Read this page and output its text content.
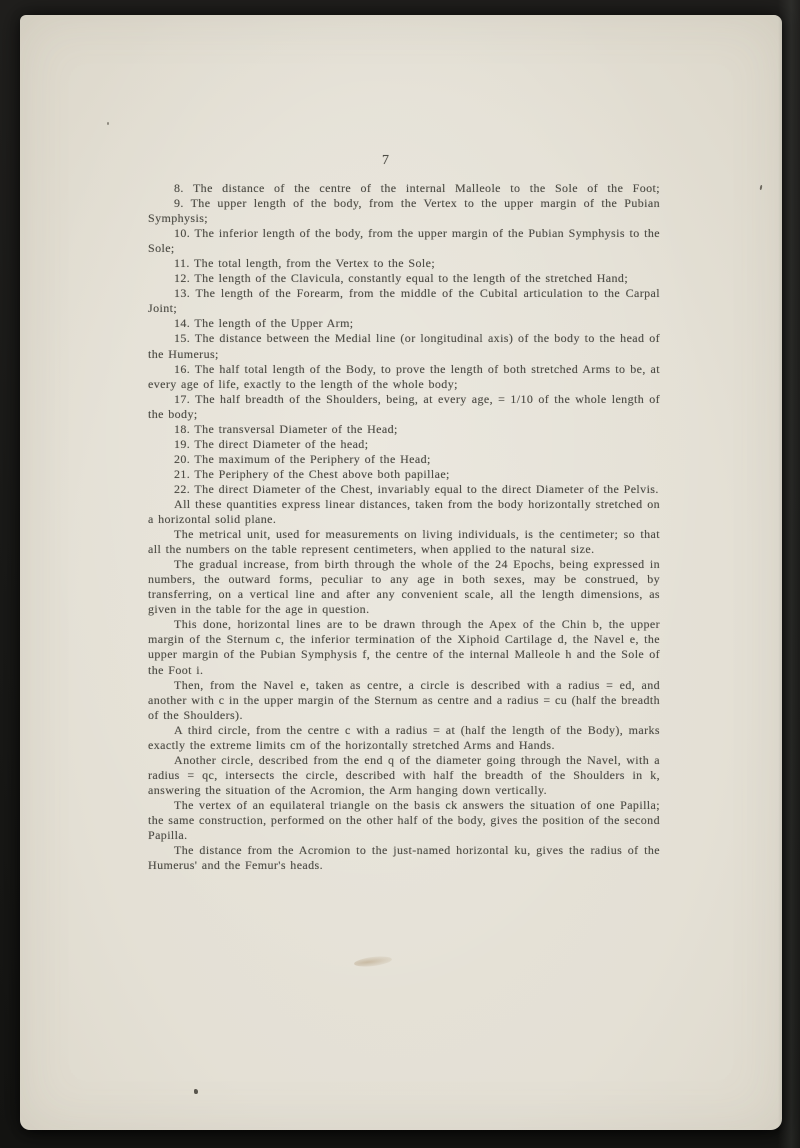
7

8. The distance of the centre of the internal Malleole to the Sole of the Foot;

9. The upper length of the body, from the Vertex to the upper margin of the Pubian Symphysis;

10. The inferior length of the body, from the upper margin of the Pubian Symphysis to the Sole;

11. The total length, from the Vertex to the Sole;

12. The length of the Clavicula, constantly equal to the length of the stretched Hand;

13. The length of the Forearm, from the middle of the Cubital articulation to the Carpal Joint;

14. The length of the Upper Arm;

15. The distance between the Medial line (or longitudinal axis) of the body to the head of the Humerus;

16. The half total length of the Body, to prove the length of both stretched Arms to be, at every age of life, exactly to the length of the whole body;

17. The half breadth of the Shoulders, being, at every age, = 1/10 of the whole length of the body;

18. The transversal Diameter of the Head;

19. The direct Diameter of the head;

20. The maximum of the Periphery of the Head;

21. The Periphery of the Chest above both papillae;

22. The direct Diameter of the Chest, invariably equal to the direct Diameter of the Pelvis.

All these quantities express linear distances, taken from the body horizontally stretched on a horizontal solid plane.

The metrical unit, used for measurements on living individuals, is the centimeter; so that all the numbers on the table represent centimeters, when applied to the natural size.

The gradual increase, from birth through the whole of the 24 Epochs, being expressed in numbers, the outward forms, peculiar to any age in both sexes, may be construed, by transferring, on a vertical line and after any convenient scale, all the length dimensions, as given in the table for the age in question.

This done, horizontal lines are to be drawn through the Apex of the Chin b, the upper margin of the Sternum c, the inferior termination of the Xiphoid Cartilage d, the Navel e, the upper margin of the Pubian Symphysis f, the centre of the internal Malleole h and the Sole of the Foot i.

Then, from the Navel e, taken as centre, a circle is described with a radius = ed, and another with c in the upper margin of the Sternum as centre and a radius = cu (half the breadth of the Shoulders).

A third circle, from the centre c with a radius = at (half the length of the Body), marks exactly the extreme limits cm of the horizontally stretched Arms and Hands.

Another circle, described from the end q of the diameter going through the Navel, with a radius = qc, intersects the circle, described with half the breadth of the Shoulders in k, answering the situation of the Acromion, the Arm hanging down vertically.

The vertex of an equilateral triangle on the basis ck answers the situation of one Papilla; the same construction, performed on the other half of the body, gives the position of the second Papilla.

The distance from the Acromion to the just-named horizontal ku, gives the radius of the Humerus' and the Femur's heads.
